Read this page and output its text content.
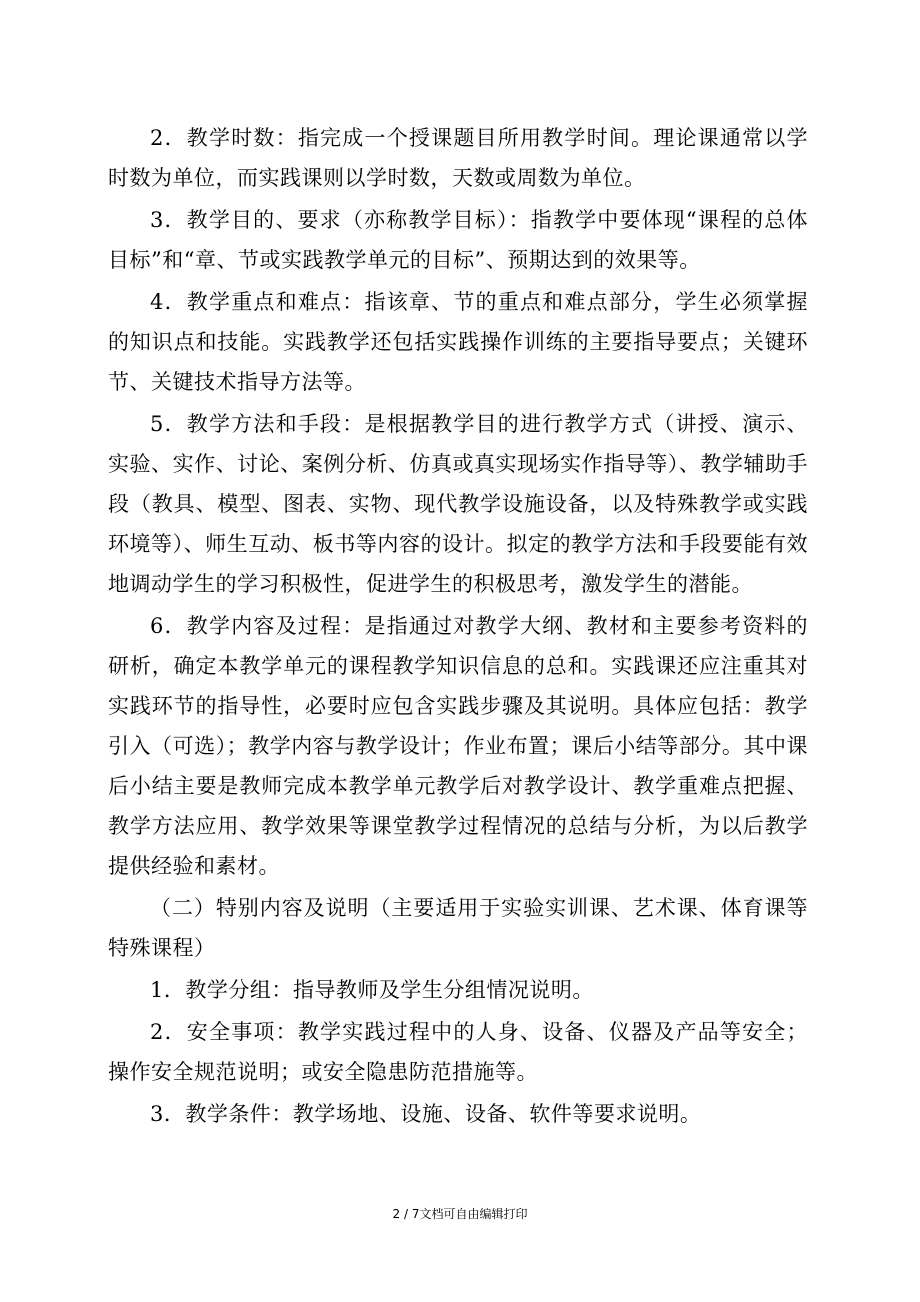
2．教学时数：指完成一个授课题目所用教学时间。理论课通常以学时数为单位，而实践课则以学时数，天数或周数为单位。

3．教学目的、要求（亦称教学目标）：指教学中要体现“课程的总体目标”和“章、节或实践教学单元的目标”、预期达到的效果等。

4．教学重点和难点：指该章、节的重点和难点部分，学生必须掌握的知识点和技能。实践教学还包括实践操作训练的主要指导要点；关键环节、关键技术指导方法等。

5．教学方法和手段：是根据教学目的进行教学方式（讲授、演示、实验、实作、讨论、案例分析、仿真或真实现场实作指导等）、教学辅助手段（教具、模型、图表、实物、现代教学设施设备，以及特殊教学或实践环境等）、师生互动、板书等内容的设计。拟定的教学方法和手段要能有效地调动学生的学习积极性，促进学生的积极思考，激发学生的潜能。

6．教学内容及过程：是指通过对教学大纲、教材和主要参考资料的研析，确定本教学单元的课程教学知识信息的总和。实践课还应注重其对实践环节的指导性，必要时应包含实践步骤及其说明。具体应包括：教学引入（可选）；教学内容与教学设计；作业布置；课后小结等部分。其中课后小结主要是教师完成本教学单元教学后对教学设计、教学重难点把握、教学方法应用、教学效果等课堂教学过程情况的总结与分析，为以后教学提供经验和素材。

（二）特别内容及说明（主要适用于实验实训课、艺术课、体育课等特殊课程）

1．教学分组：指导教师及学生分组情况说明。

2．安全事项：教学实践过程中的人身、设备、仪器及产品等安全；操作安全规范说明；或安全隐患防范措施等。

3．教学条件：教学场地、设施、设备、软件等要求说明。

2 / 7文档可自由编辑打印
